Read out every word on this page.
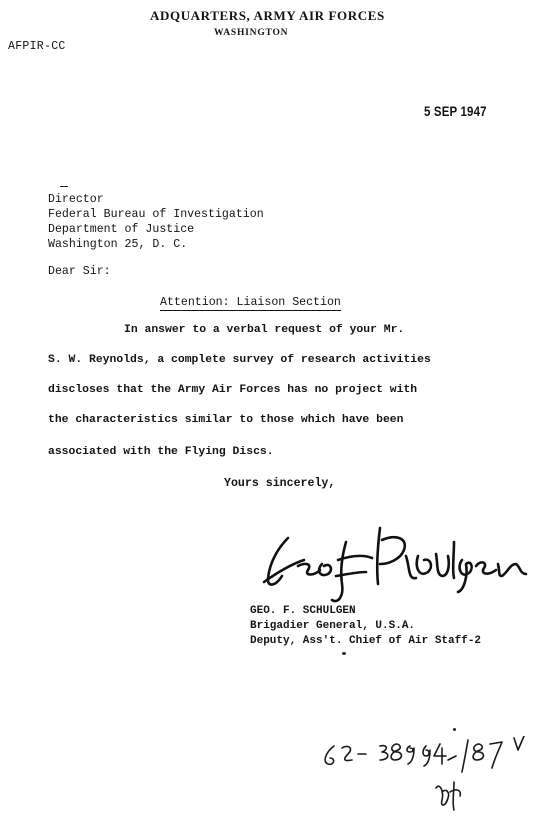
ADQUARTERS, ARMY AIR FORCES
WASHINGTON
AFPIR-CC
5 SEP 1947
Director
Federal Bureau of Investigation
Department of Justice
Washington 25, D. C.
Dear Sir:
Attention: Liaison Section
In answer to a verbal request of your Mr.
S. W. Reynolds, a complete survey of research activities
discloses that the Army Air Forces has no project with
the characteristics similar to those which have been
associated with the Flying Discs.
Yours sincerely,
GEO. F. SCHULGEN
Brigadier General, U.S.A.
Deputy, Ass't. Chief of Air Staff-2
